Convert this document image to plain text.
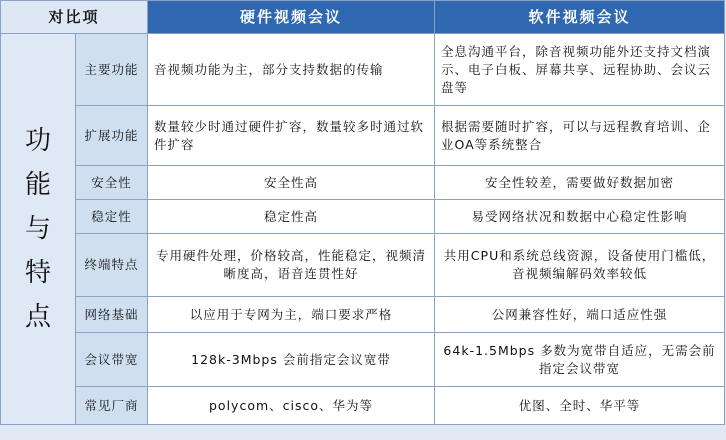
对比项		硬件视频会议	软件视频会议

功
能
与
特
点	主要功能	音视频功能为主，部分支持数据的传输	全息沟通平台，除音视频功能外还支持文档演示、电子白板、屏幕共享、远程协助、会议云盘等
	扩展功能	数量较少时通过硬件扩容，数量较多时通过软件扩容	根据需要随时扩容，可以与远程教育培训、企业OA等系统整合
	安全性	安全性高	安全性较差，需要做好数据加密
	稳定性	稳定性高	易受网络状况和数据中心稳定性影响
	终端特点	专用硬件处理，价格较高，性能稳定，视频清晰度高，语音连贯性好	共用CPU和系统总线资源，设备使用门槛低，音视频编解码效率较低
	网络基础	以应用于专网为主，端口要求严格	公网兼容性好，端口适应性强
	会议带宽	128k-3Mbps 会前指定会议宽带	64k-1.5Mbps 多数为宽带自适应，无需会前指定会议带宽
	常见厂商	polycom、cisco、华为等	优图、全时、华平等
